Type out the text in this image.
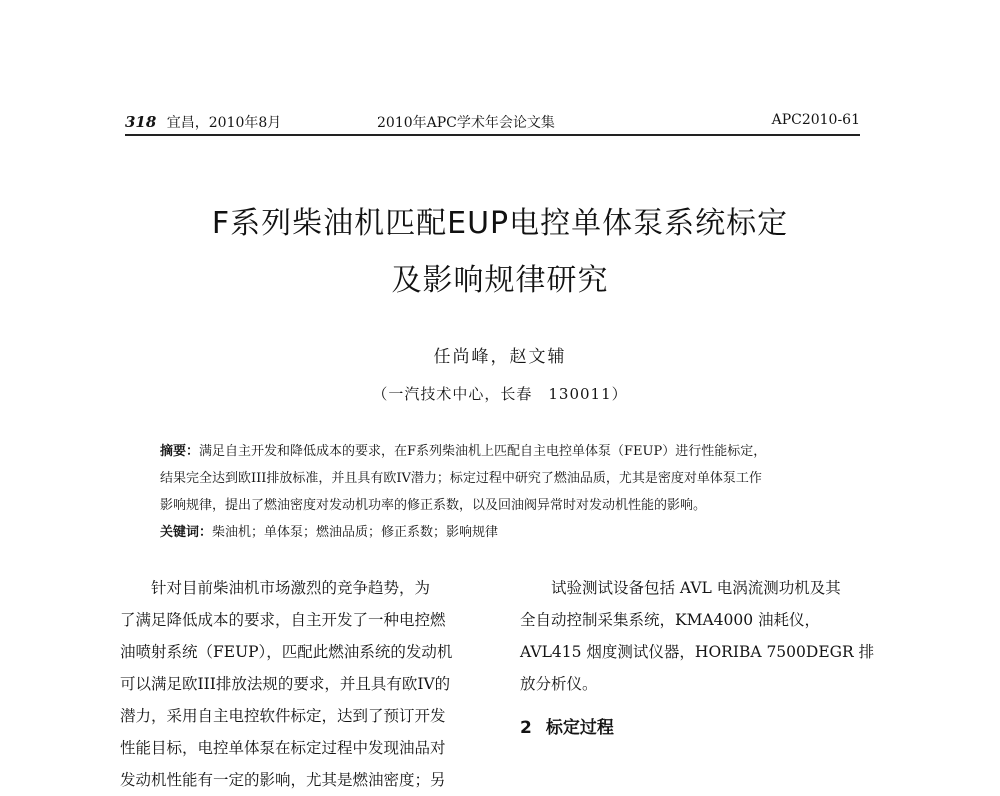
318 宜昌，2010年8月	2010年APC学术年会论文集	APC2010-61
F系列柴油机匹配EUP电控单体泵系统标定
及影响规律研究
任尚峰，赵文辅
（一汽技术中心，长春　130011）
摘要：满足自主开发和降低成本的要求，在F系列柴油机上匹配自主电控单体泵（FEUP）进行性能标定，
结果完全达到欧III排放标准，并且具有欧IV潜力；标定过程中研究了燃油品质，尤其是密度对单体泵工作
影响规律，提出了燃油密度对发动机功率的修正系数，以及回油阀异常时对发动机性能的影响。
关键词：柴油机；单体泵；燃油品质；修正系数；影响规律
针对目前柴油机市场激烈的竞争趋势，为
了满足降低成本的要求，自主开发了一种电控燃
油喷射系统（FEUP），匹配此燃油系统的发动机
可以满足欧III排放法规的要求，并且具有欧IV的
潜力，采用自主电控软件标定，达到了预订开发
性能目标，电控单体泵在标定过程中发现油品对
发动机性能有一定的影响，尤其是燃油密度；另
试验测试设备包括 AVL 电涡流测功机及其
全自动控制采集系统，KMA4000 油耗仪，
AVL415 烟度测试仪器，HORIBA 7500DEGR 排
放分析仪。
2 标定过程
